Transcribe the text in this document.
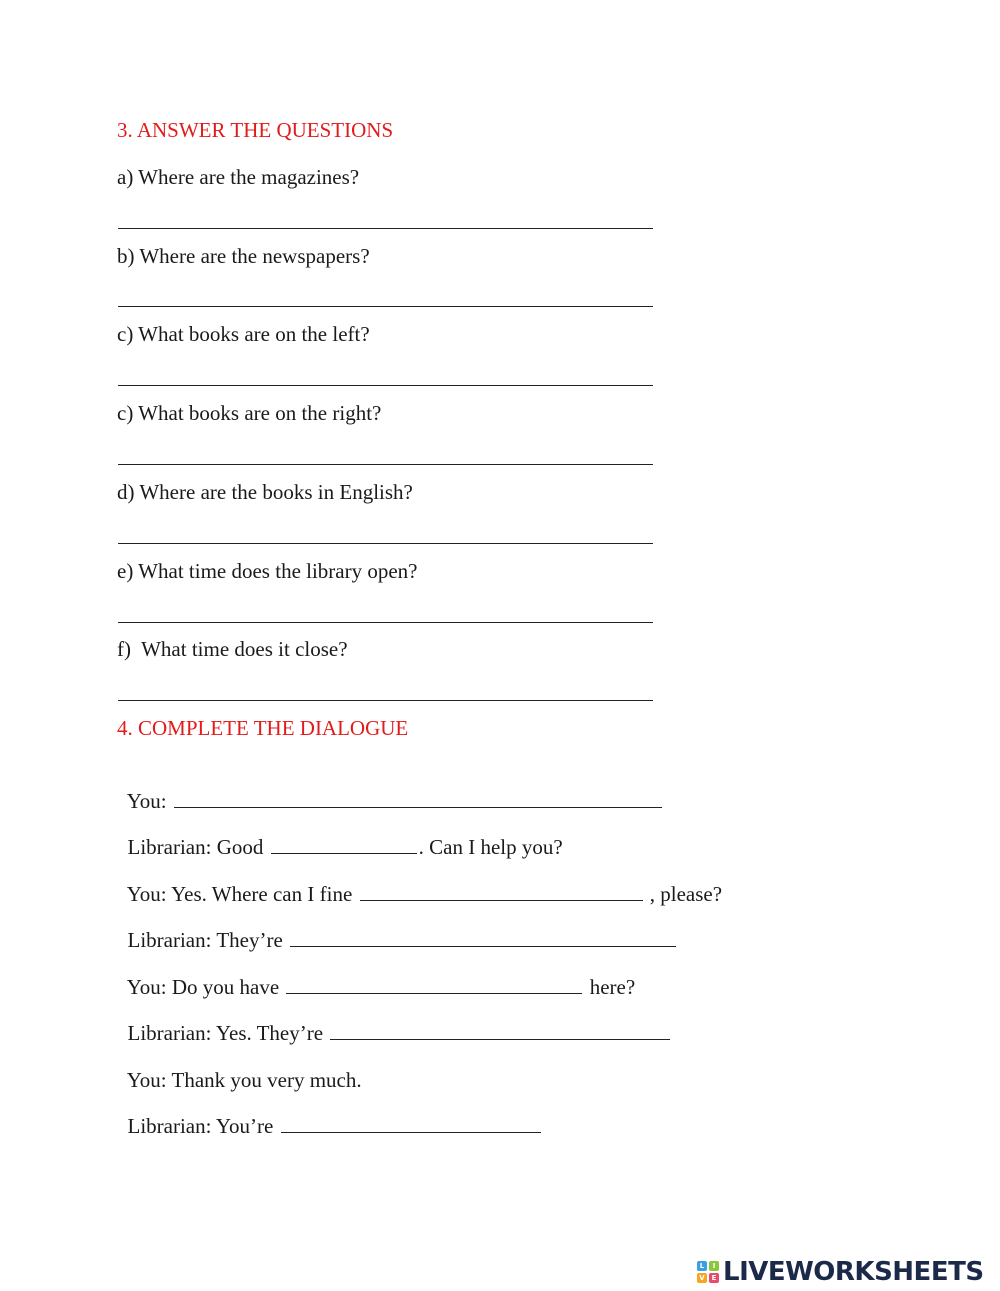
3. ANSWER THE QUESTIONS
a) Where are the magazines?
b) Where are the newspapers?
c) What books are on the left?
c) What books are on the right?
d) Where are the books in English?
e) What time does the library open?
f)  What time does it close?
4. COMPLETE THE DIALOGUE

You:

Librarian: Good	. Can I help you?

You: Yes. Where can I fine	, please?

Librarian: They’re

You: Do you have	here?

Librarian: Yes. They’re

You: Thank you very much.

Librarian: You’re

L	I
V E LIVEWORKSHEETS
